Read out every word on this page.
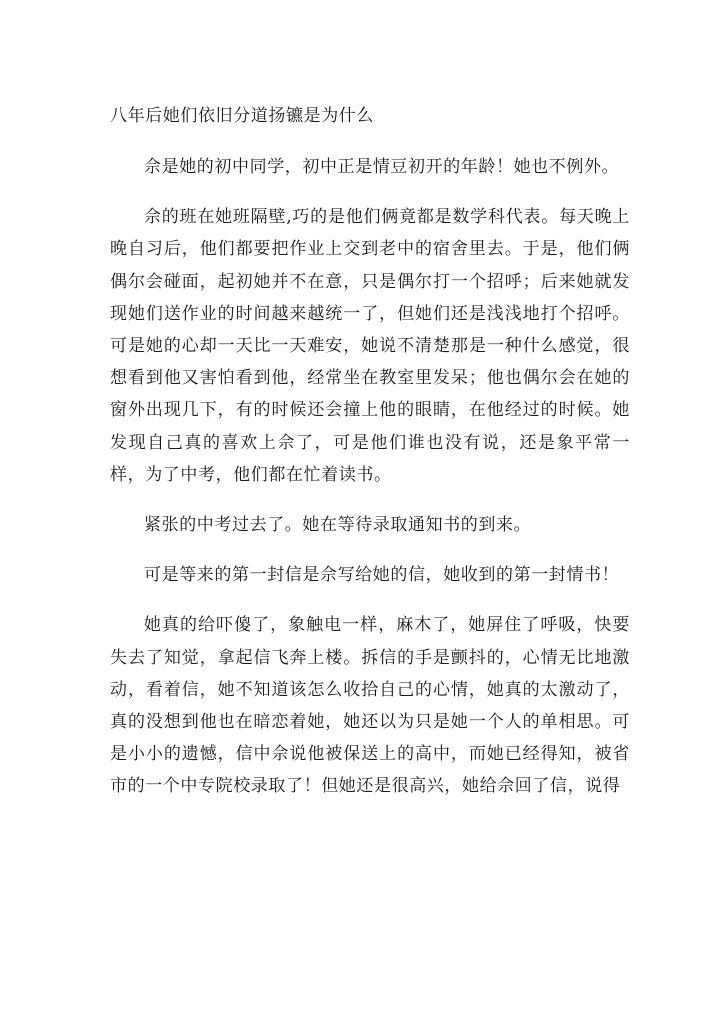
八年后她们依旧分道扬镳是为什么

佘是她的初中同学，初中正是情豆初开的年龄！她也不例外。

佘的班在她班隔壁,巧的是他们俩竟都是数学科代表。每天晚上晚自习后，他们都要把作业上交到老中的宿舍里去。于是，他们俩偶尔会碰面，起初她并不在意，只是偶尔打一个招呼；后来她就发现她们送作业的时间越来越统一了，但她们还是浅浅地打个招呼。可是她的心却一天比一天难安，她说不清楚那是一种什么感觉，很想看到他又害怕看到他，经常坐在教室里发呆；他也偶尔会在她的窗外出现几下，有的时候还会撞上他的眼睛，在他经过的时候。她发现自己真的喜欢上佘了，可是他们谁也没有说，还是象平常一样，为了中考，他们都在忙着读书。

紧张的中考过去了。她在等待录取通知书的到来。

可是等来的第一封信是佘写给她的信，她收到的第一封情书！

她真的给吓傻了，象触电一样，麻木了，她屏住了呼吸，快要失去了知觉，拿起信飞奔上楼。拆信的手是颤抖的，心情无比地激动，看着信，她不知道该怎么收拾自己的心情，她真的太激动了，真的没想到他也在暗恋着她，她还以为只是她一个人的单相思。可是小小的遗憾，信中佘说他被保送上的高中，而她已经得知，被省市的一个中专院校录取了！但她还是很高兴，她给佘回了信，说得
